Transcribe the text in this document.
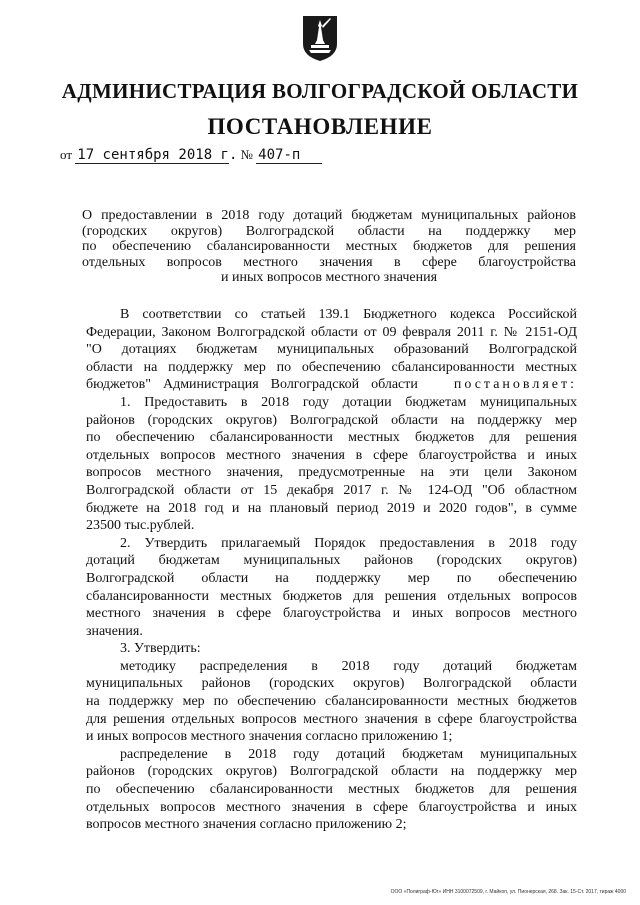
АДМИНИСТРАЦИЯ ВОЛГОГРАДСКОЙ ОБЛАСТИ
ПОСТАНОВЛЕНИЕ
от 17 сентября 2018 г. № 407-п
О предоставлении в 2018 году дотаций бюджетам муниципальных районов
(городских округов) Волгоградской области на поддержку мер
по обеспечению сбалансированности местных бюджетов для решения
отдельных вопросов местного значения в сфере благоустройства
и иных вопросов местного значения
В соответствии со статьей 139.1 Бюджетного кодекса Российской
Федерации, Законом Волгоградской области от 09 февраля 2011 г. № 2151-ОД
"О дотациях бюджетам муниципальных образований Волгоградской
области на поддержку мер по обеспечению сбалансированности местных
бюджетов" Администрация Волгоградской области	постановляет:
1. Предоставить в 2018 году дотации бюджетам муниципальных
районов (городских округов) Волгоградской области на поддержку мер
по обеспечению сбалансированности местных бюджетов для решения
отдельных вопросов местного значения в сфере благоустройства и иных
вопросов местного значения, предусмотренные на эти цели Законом
Волгоградской области от 15 декабря 2017 г. № 124-ОД "Об областном
бюджете на 2018 год и на плановый период 2019 и 2020 годов", в сумме
23500 тыс.рублей.
2. Утвердить прилагаемый Порядок предоставления в 2018 году
дотаций бюджетам муниципальных районов (городских округов)
Волгоградской области на поддержку мер по обеспечению
сбалансированности местных бюджетов для решения отдельных вопросов
местного значения в сфере благоустройства и иных вопросов местного
значения.
3. Утвердить:
методику распределения в 2018 году дотаций бюджетам
муниципальных районов (городских округов) Волгоградской области
на поддержку мер по обеспечению сбалансированности местных бюджетов
для решения отдельных вопросов местного значения в сфере благоустройства
и иных вопросов местного значения согласно приложению 1;
распределение в 2018 году дотаций бюджетам муниципальных
районов (городских округов) Волгоградской области на поддержку мер
по обеспечению сбалансированности местных бюджетов для решения
отдельных вопросов местного значения в сфере благоустройства и иных
вопросов местного значения согласно приложению 2;
ООО «Полиграф-Юг» ИНН 3100072509, г. Майкоп, ул. Пионерская, 268. Зак. 15-Ст. 2017, тираж 4000
